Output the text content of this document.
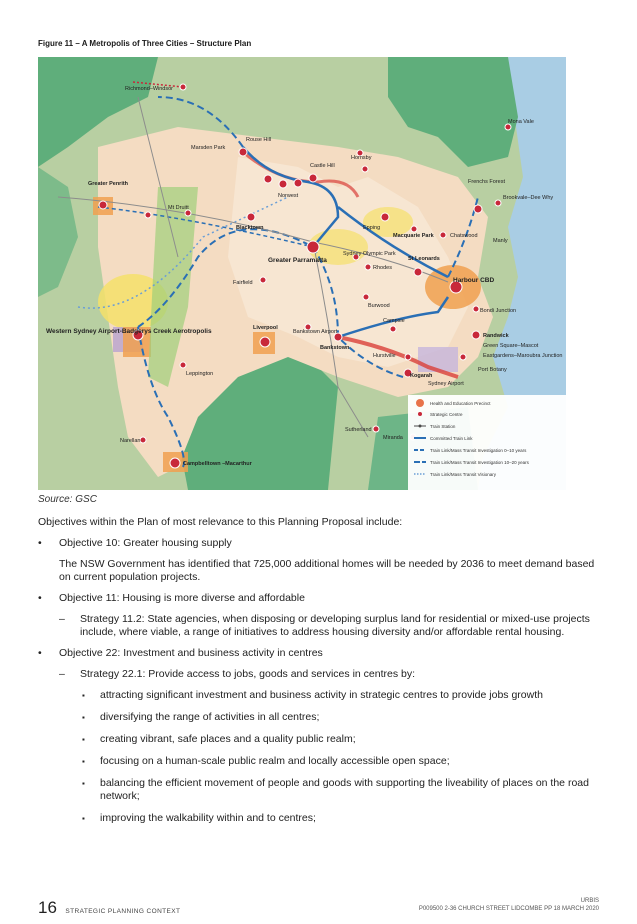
Figure 11 – A Metropolis of Three Cities – Structure Plan
Richmond–Windsor
Rouse Hill
Marsden Park
Castle Hill
Norwest
Hornsby
Mona Vale
Frenchs Forest
Brookvale–Dee Why
Greater Penrith
Mt Druitt
Blacktown	Epping
Macquarie Park	Chatswood
Manly
Greater Parramatta
Sydney Olympic Park
Rhodes
St Leonards
Harbour CBD
Fairfield
Burwood
Bondi Junction
Western Sydney Airport-Badgerys Creek Aerotropolis	Liverpool
Bankstown Airport
Bankstown
Campsie
Randwick
Green Square–Mascot
Eastgardens–Maroubra Junction
Leppington
Hurstville
Kogarah
Sydney Airport
Port Botany
Sutherland
Miranda
Narellan
Campbelltown –Macarthur
Health and Education Precinct
Strategic Centre
Train Station
Committed Train Link
Train Link/Mass Transit Investigation 0–10 years
Train Link/Mass Transit Investigation 10–20 years
Train Link/Mass Transit Visionary
Source: GSC

Objectives within the Plan of most relevance to this Planning Proposal include:

• Objective 10: Greater housing supply

The NSW Government has identified that 725,000 additional homes will be needed by 2036 to meet demand based on current population projects.

• Objective 11: Housing is more diverse and affordable
– Strategy 11.2: State agencies, when disposing or developing surplus land for residential or mixed-use projects include, where viable, a range of initiatives to address housing diversity and/or affordable rental housing.
• Objective 22: Investment and business activity in centres
– Strategy 22.1: Provide access to jobs, goods and services in centres by:
▪ attracting significant investment and business activity in strategic centres to provide jobs growth
▪ diversifying the range of activities in all centres;
▪ creating vibrant, safe places and a quality public realm;
▪ focusing on a human-scale public realm and locally accessible open space;
▪ balancing the efficient movement of people and goods with supporting the liveability of places on the road network;
▪ improving the walkability within and to centres;
16 STRATEGIC PLANNING CONTEXT
URBIS
P009500 2-36 CHURCH STREET LIDCOMBE PP 18 MARCH 2020
